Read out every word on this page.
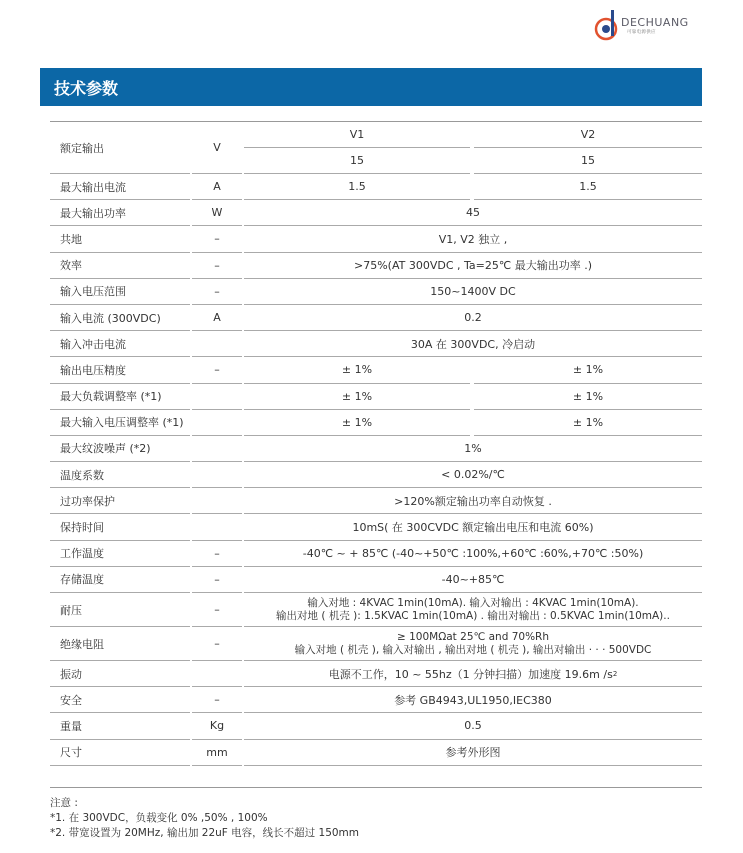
DECHUANG
可靠电源供应
技术参数
额定输出	V
V1	V2
15	15
最大输出电流	A	1.5	1.5
最大输出功率	W	45
共地	–	V1, V2 独立 ,
效率	–	>75%(AT 300VDC , Ta=25℃ 最大输出功率 .)
输入电压范围	–	150~1400V DC
输入电流 (300VDC)	A	0.2
输入冲击电流	30A 在 300VDC, 冷启动
输出电压精度	–	± 1%	± 1%
最大负载调整率 (*1)	± 1%	± 1%
最大输入电压调整率 (*1)	± 1%	± 1%
最大纹波噪声 (*2)	1%
温度系数	< 0.02%/℃
过功率保护	>120%额定输出功率自动恢复 .
保持时间	10mS( 在 300CVDC 额定输出电压和电流 60%)
工作温度	–	-40℃ ~ + 85℃ (-40~+50℃ :100%,+60℃ :60%,+70℃ :50%)
存储温度	–	-40~+85℃
耐压	–
输入对地 : 4KVAC 1min(10mA). 输入对输出 : 4KVAC 1min(10mA).
输出对地 ( 机壳 ): 1.5KVAC 1min(10mA) . 输出对输出 : 0.5KVAC 1min(10mA)..
绝缘电阻	–
≥ 100MΩat 25℃ and 70%Rh
输入对地 ( 机壳 ), 输入对输出 , 输出对地 ( 机壳 ), 输出对输出 · · · 500VDC
振动	电源不工作，10 ~ 55hz（1 分钟扫描）加速度 19.6m /s 2
安全	–	参考 GB4943,UL1950,IEC380
重量	Kg	0.5
尺寸	mm	参考外形图
注意 :
*1. 在 300VDC，负载变化 0% ,50% , 100%
*2. 带宽设置为 20MHz, 输出加 22uF 电容，线长不超过 150mm
